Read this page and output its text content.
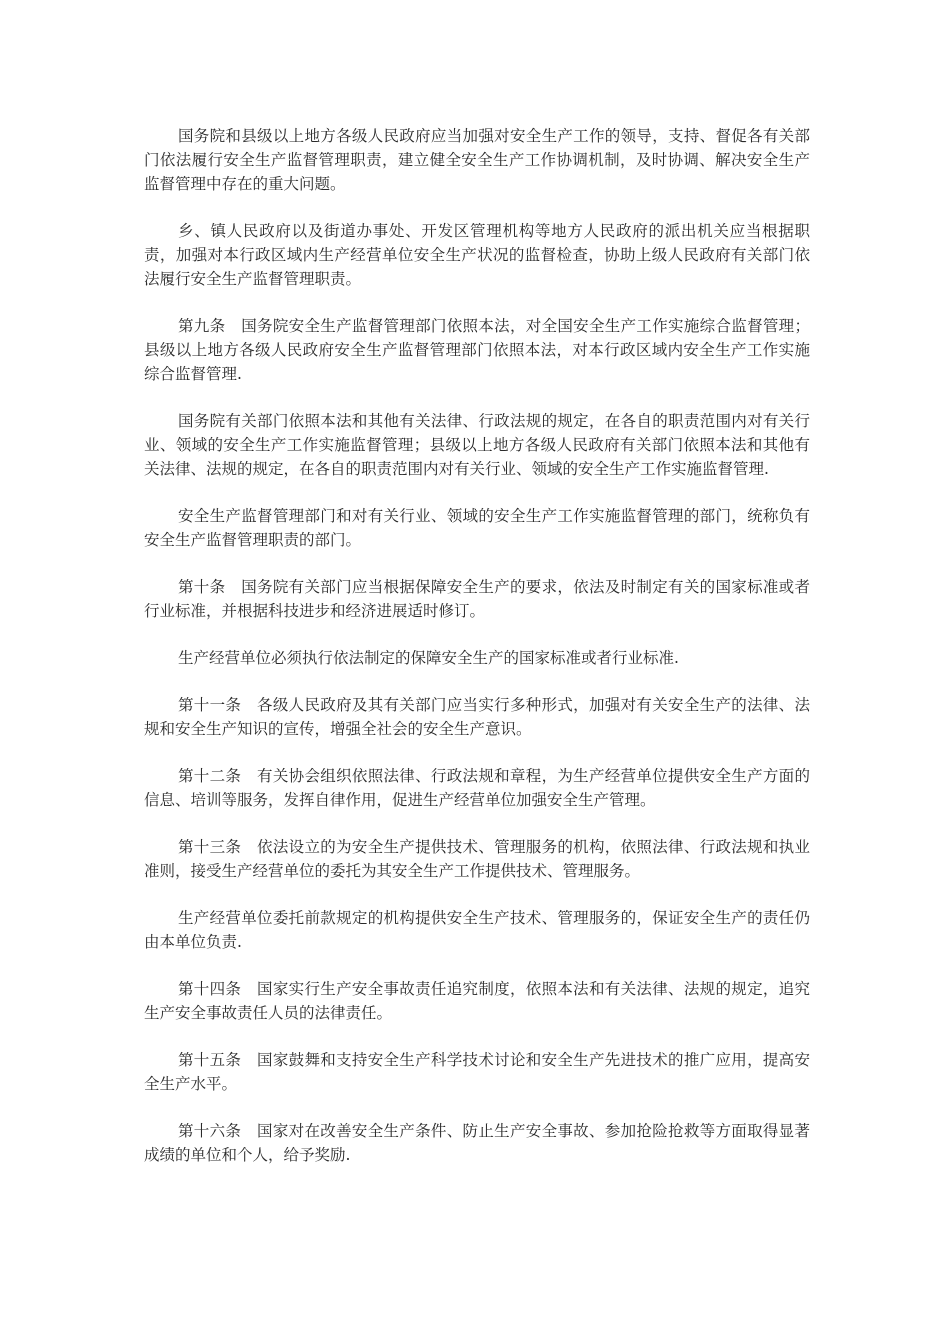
国务院和县级以上地方各级人民政府应当加强对安全生产工作的领导，支持、督促各有关部门依法履行安全生产监督管理职责，建立健全安全生产工作协调机制，及时协调、解决安全生产监督管理中存在的重大问题。

乡、镇人民政府以及街道办事处、开发区管理机构等地方人民政府的派出机关应当根据职责，加强对本行政区域内生产经营单位安全生产状况的监督检查，协助上级人民政府有关部门依法履行安全生产监督管理职责。

第九条　国务院安全生产监督管理部门依照本法，对全国安全生产工作实施综合监督管理；县级以上地方各级人民政府安全生产监督管理部门依照本法，对本行政区域内安全生产工作实施综合监督管理.

国务院有关部门依照本法和其他有关法律、行政法规的规定，在各自的职责范围内对有关行业、领域的安全生产工作实施监督管理；县级以上地方各级人民政府有关部门依照本法和其他有关法律、法规的规定，在各自的职责范围内对有关行业、领域的安全生产工作实施监督管理.

安全生产监督管理部门和对有关行业、领域的安全生产工作实施监督管理的部门，统称负有安全生产监督管理职责的部门。

第十条　国务院有关部门应当根据保障安全生产的要求，依法及时制定有关的国家标准或者行业标准，并根据科技进步和经济进展适时修订。

生产经营单位必须执行依法制定的保障安全生产的国家标准或者行业标准.

第十一条　各级人民政府及其有关部门应当实行多种形式，加强对有关安全生产的法律、法规和安全生产知识的宣传，增强全社会的安全生产意识。

第十二条　有关协会组织依照法律、行政法规和章程，为生产经营单位提供安全生产方面的信息、培训等服务，发挥自律作用，促进生产经营单位加强安全生产管理。

第十三条　依法设立的为安全生产提供技术、管理服务的机构，依照法律、行政法规和执业准则，接受生产经营单位的委托为其安全生产工作提供技术、管理服务。

生产经营单位委托前款规定的机构提供安全生产技术、管理服务的，保证安全生产的责任仍由本单位负责.

第十四条　国家实行生产安全事故责任追究制度，依照本法和有关法律、法规的规定，追究生产安全事故责任人员的法律责任。

第十五条　国家鼓舞和支持安全生产科学技术讨论和安全生产先进技术的推广应用，提高安全生产水平。

第十六条　国家对在改善安全生产条件、防止生产安全事故、参加抢险抢救等方面取得显著成绩的单位和个人，给予奖励.
